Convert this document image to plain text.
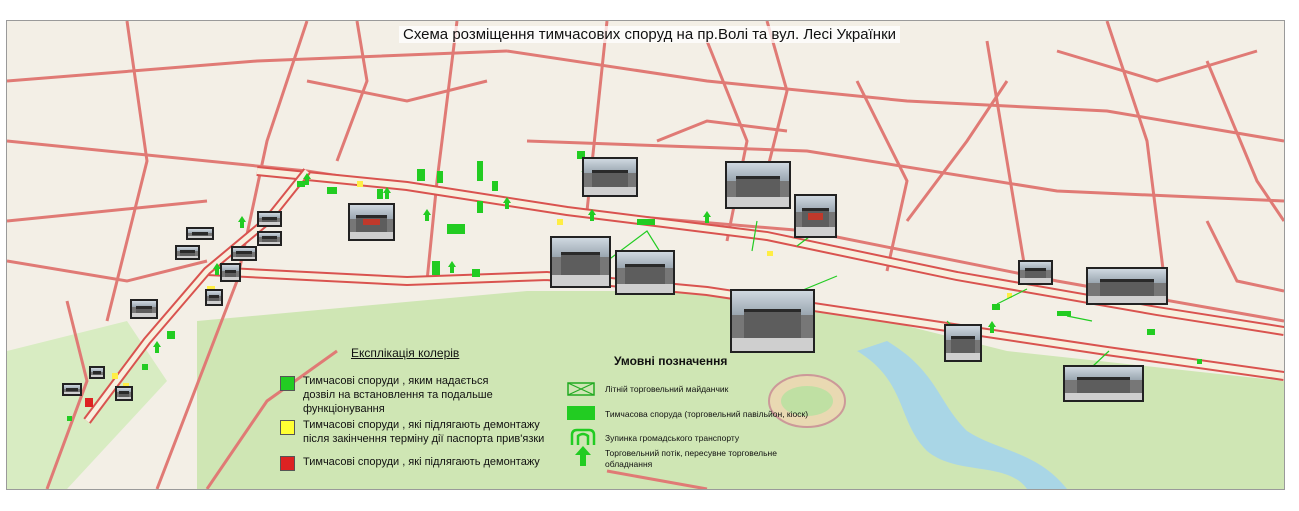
Експлікація колерів
Тимчасові споруди , яким надається дозвіл на встановлення та подальше функціонування
Тимчасові споруди , які підлягають демонтажу після закінчення терміну дії паспорта прив'язки
Тимчасові споруди , які підлягають демонтажу
Умовні позначення
Літній торговельний майданчик
Тимчасова споруда (торговельний павільйон, кіоск)
Зупинка громадського транспорту
Торговельний потік, пересувне торговельне обладнання
Схема розміщення тимчасових споруд на пр.Волі та вул. Лесі Українки
